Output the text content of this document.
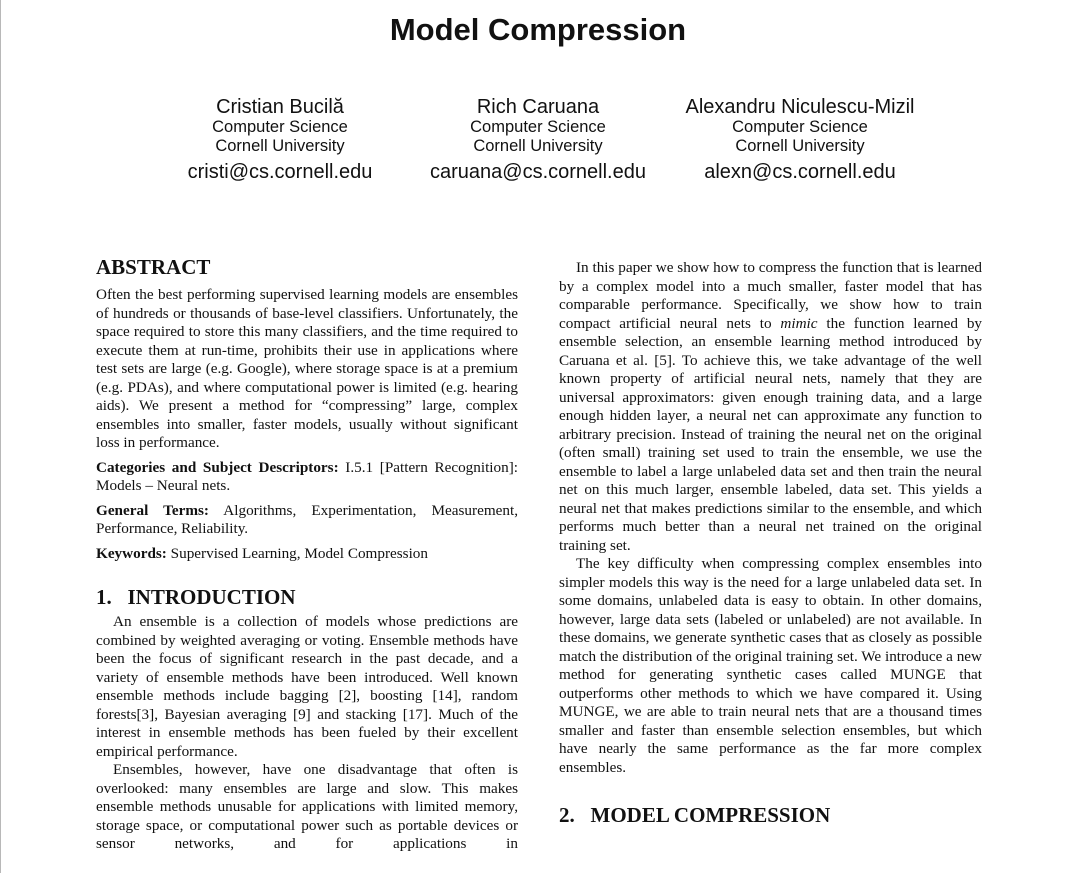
Model Compression
Cristian Bucilă
Computer Science
Cornell University
cristi@cs.cornell.edu
Rich Caruana
Computer Science
Cornell University
caruana@cs.cornell.edu
Alexandru Niculescu-Mizil
Computer Science
Cornell University
alexn@cs.cornell.edu
ABSTRACT

Often the best performing supervised learning models are ensembles of hundreds or thousands of base-level classifiers. Unfortunately, the space required to store this many classifiers, and the time required to execute them at run-time, prohibits their use in applications where test sets are large (e.g. Google), where storage space is at a premium (e.g. PDAs), and where computational power is limited (e.g. hearing aids). We present a method for “compressing” large, complex ensembles into smaller, faster models, usually without significant loss in performance.

Categories and Subject Descriptors: I.5.1 [Pattern Recognition]: Models – Neural nets.

General Terms: Algorithms, Experimentation, Measurement, Performance, Reliability.

Keywords: Supervised Learning, Model Compression

1.   INTRODUCTION

An ensemble is a collection of models whose predictions are combined by weighted averaging or voting. Ensemble methods have been the focus of significant research in the past decade, and a variety of ensemble methods have been introduced. Well known ensemble methods include bagging [2], boosting [14], random forests[3], Bayesian averaging [9] and stacking [17]. Much of the interest in ensemble methods has been fueled by their excellent empirical performance.

Ensembles, however, have one disadvantage that often is overlooked: many ensembles are large and slow. This makes ensemble methods unusable for applications with limited memory, storage space, or computational power such as portable devices or sensor networks, and for applications in

In this paper we show how to compress the function that is learned by a complex model into a much smaller, faster model that has comparable performance. Specifically, we show how to train compact artificial neural nets to mimic the function learned by ensemble selection, an ensemble learning method introduced by Caruana et al. [5]. To achieve this, we take advantage of the well known property of artificial neural nets, namely that they are universal approximators: given enough training data, and a large enough hidden layer, a neural net can approximate any function to arbitrary precision. Instead of training the neural net on the original (often small) training set used to train the ensemble, we use the ensemble to label a large unlabeled data set and then train the neural net on this much larger, ensemble labeled, data set. This yields a neural net that makes predictions similar to the ensemble, and which performs much better than a neural net trained on the original training set.

The key difficulty when compressing complex ensembles into simpler models this way is the need for a large unlabeled data set. In some domains, unlabeled data is easy to obtain. In other domains, however, large data sets (labeled or unlabeled) are not available. In these domains, we generate synthetic cases that as closely as possible match the distribution of the original training set. We introduce a new method for generating synthetic cases called MUNGE that outperforms other methods to which we have compared it. Using MUNGE, we are able to train neural nets that are a thousand times smaller and faster than ensemble selection ensembles, but which have nearly the same performance as the far more complex ensembles.

2.   MODEL COMPRESSION
